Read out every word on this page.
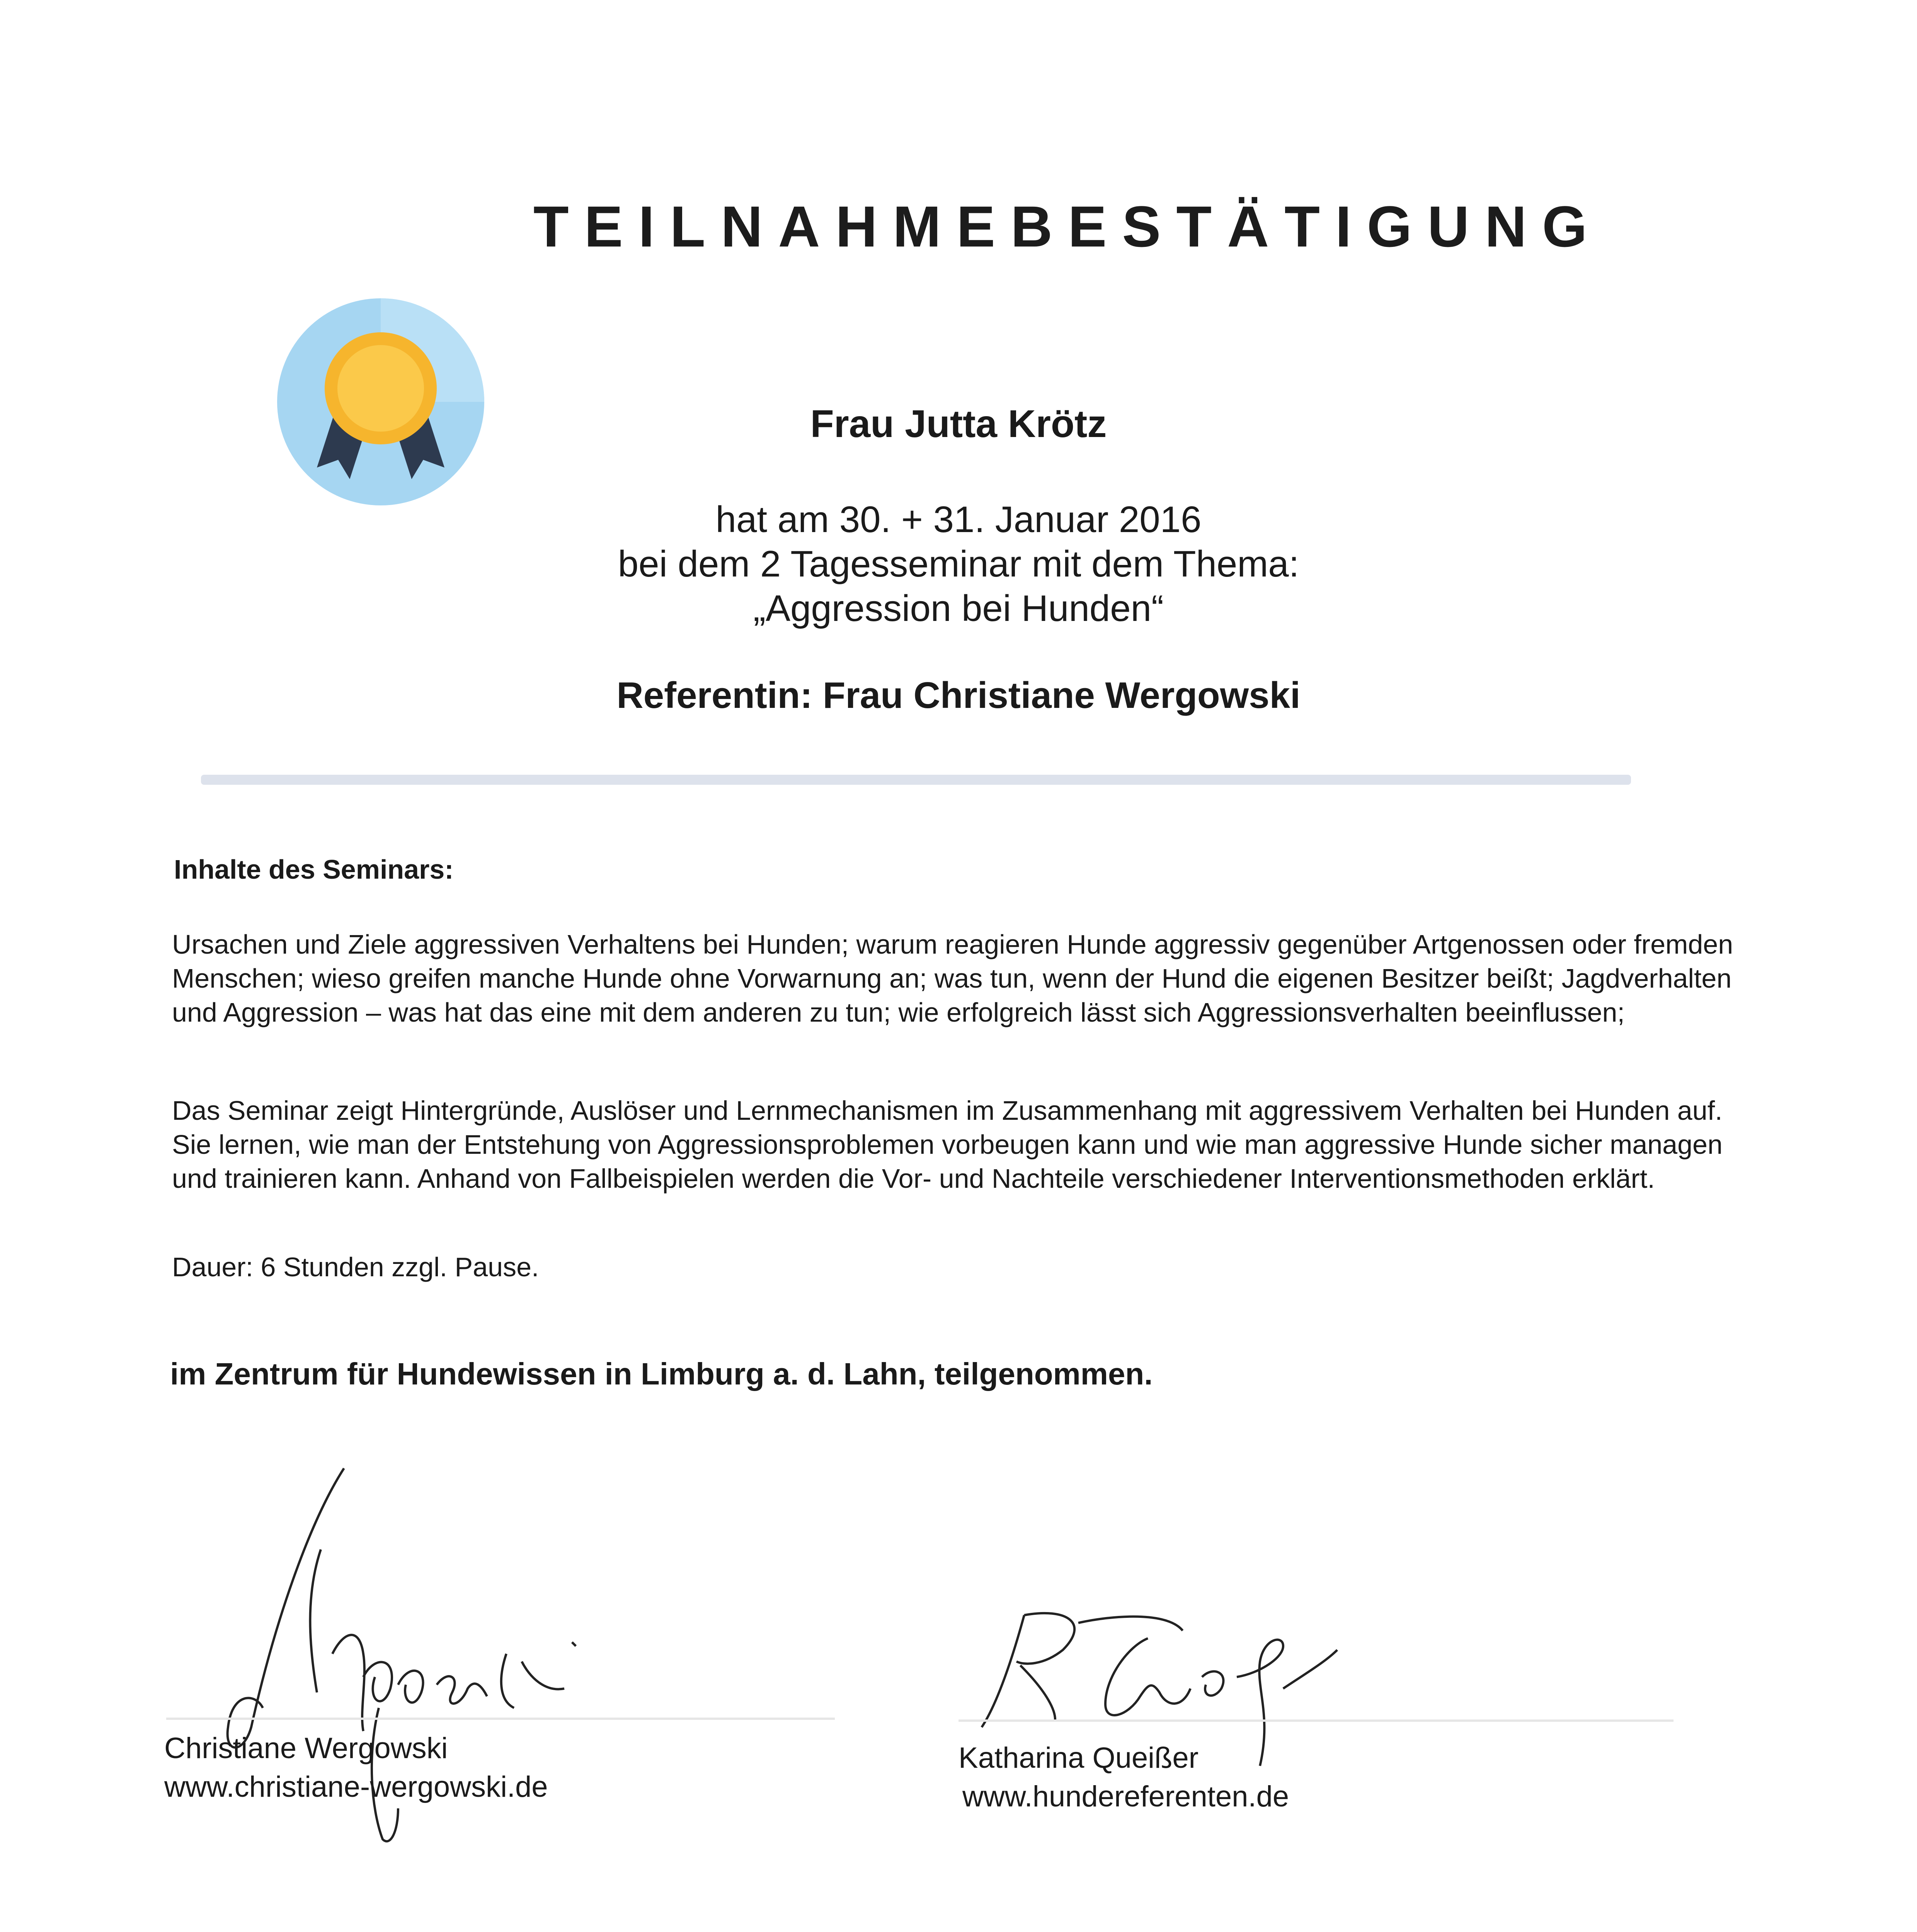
TEILNAHMEBESTÄTIGUNG
Frau Jutta Krötz
hat am 30. + 31. Januar 2016
bei dem 2 Tagesseminar mit dem Thema:
„Aggression bei Hunden“
Referentin: Frau Christiane Wergowski
Inhalte des Seminars:
Ursachen und Ziele aggressiven Verhaltens bei Hunden; warum reagieren Hunde aggressiv gegenüber Artgenossen oder fremden Menschen; wieso greifen manche Hunde ohne Vorwarnung an; was tun, wenn der Hund die eigenen Besitzer beißt; Jagdverhalten und Aggression – was hat das eine mit dem anderen zu tun; wie erfolgreich lässt sich Aggressionsverhalten beeinflussen;
Das Seminar zeigt Hintergründe, Auslöser und Lernmechanismen im Zusammenhang mit aggressivem Verhalten bei Hunden auf. Sie lernen, wie man der Entstehung von Aggressionsproblemen vorbeugen kann und wie man aggressive Hunde sicher managen und trainieren kann. Anhand von Fallbeispielen werden die Vor- und Nachteile verschiedener Interventionsmethoden erklärt.
Dauer: 6 Stunden zzgl. Pause.
im Zentrum für Hundewissen in Limburg a. d. Lahn, teilgenommen.
Christiane Wergowski
www.christiane-wergowski.de
Katharina Queißer
www.hundereferenten.de
